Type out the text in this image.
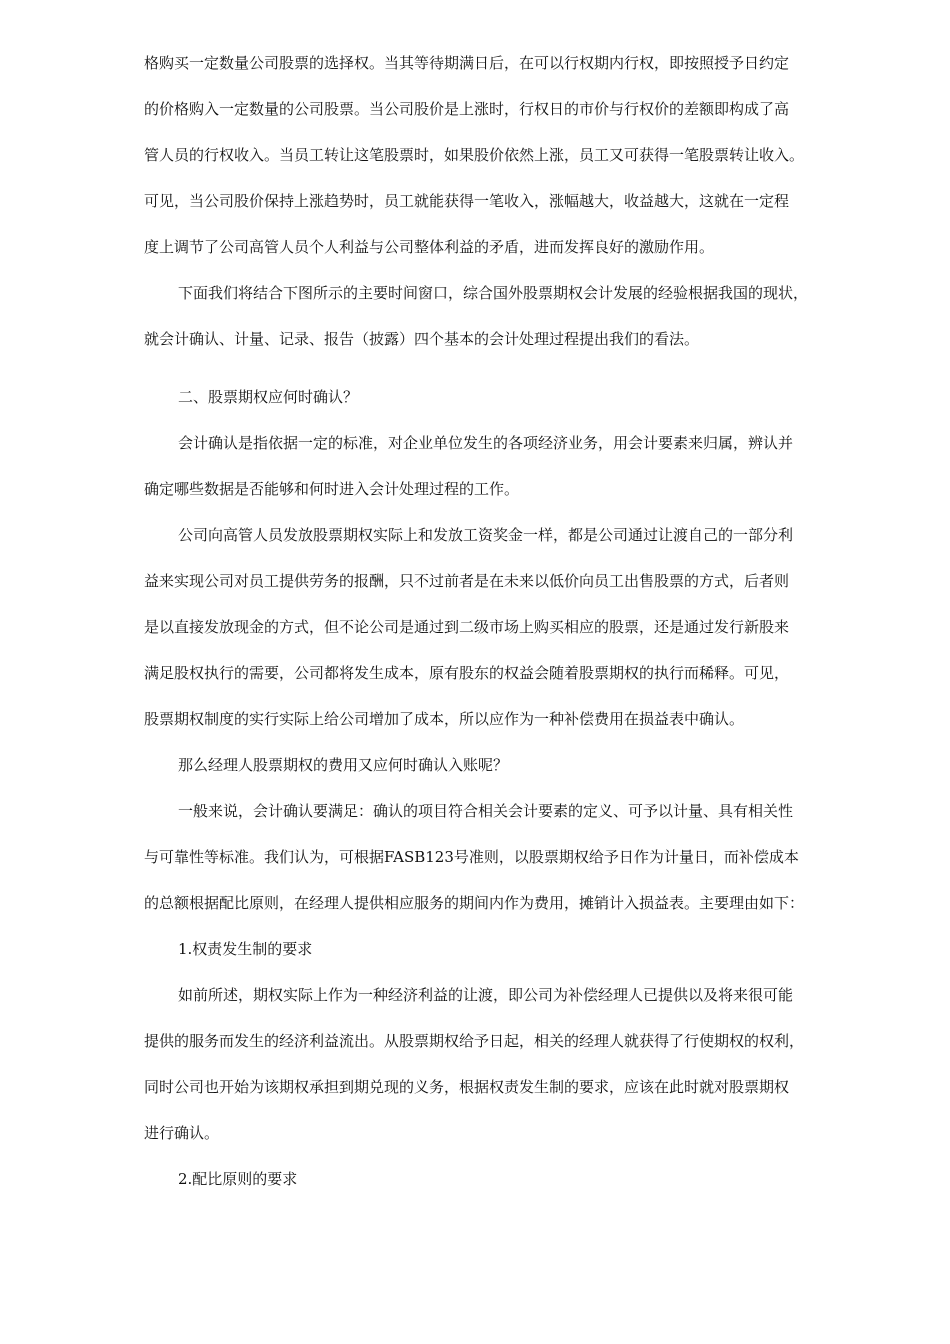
格购买一定数量公司股票的选择权。当其等待期满日后，在可以行权期内行权，即按照授予日约定
的价格购入一定数量的公司股票。当公司股价是上涨时，行权日的市价与行权价的差额即构成了高
管人员的行权收入。当员工转让这笔股票时，如果股价依然上涨，员工又可获得一笔股票转让收入。
可见，当公司股价保持上涨趋势时，员工就能获得一笔收入，涨幅越大，收益越大，这就在一定程
度上调节了公司高管人员个人利益与公司整体利益的矛盾，进而发挥良好的激励作用。
下面我们将结合下图所示的主要时间窗口，综合国外股票期权会计发展的经验根据我国的现状，
就会计确认、计量、记录、报告（披露）四个基本的会计处理过程提出我们的看法。
二、股票期权应何时确认？
会计确认是指依据一定的标准，对企业单位发生的各项经济业务，用会计要素来归属，辨认并
确定哪些数据是否能够和何时进入会计处理过程的工作。
公司向高管人员发放股票期权实际上和发放工资奖金一样，都是公司通过让渡自己的一部分利
益来实现公司对员工提供劳务的报酬，只不过前者是在未来以低价向员工出售股票的方式，后者则
是以直接发放现金的方式，但不论公司是通过到二级市场上购买相应的股票，还是通过发行新股来
满足股权执行的需要，公司都将发生成本，原有股东的权益会随着股票期权的执行而稀释。可见，
股票期权制度的实行实际上给公司增加了成本，所以应作为一种补偿费用在损益表中确认。
那么经理人股票期权的费用又应何时确认入账呢？
一般来说，会计确认要满足：确认的项目符合相关会计要素的定义、可予以计量、具有相关性
与可靠性等标准。我们认为，可根据FASB123号准则，以股票期权给予日作为计量日，而补偿成本
的总额根据配比原则，在经理人提供相应服务的期间内作为费用，摊销计入损益表。主要理由如下：
1.权责发生制的要求
如前所述，期权实际上作为一种经济利益的让渡，即公司为补偿经理人已提供以及将来很可能
提供的服务而发生的经济利益流出。从股票期权给予日起，相关的经理人就获得了行使期权的权利，
同时公司也开始为该期权承担到期兑现的义务，根据权责发生制的要求，应该在此时就对股票期权
进行确认。
2.配比原则的要求
